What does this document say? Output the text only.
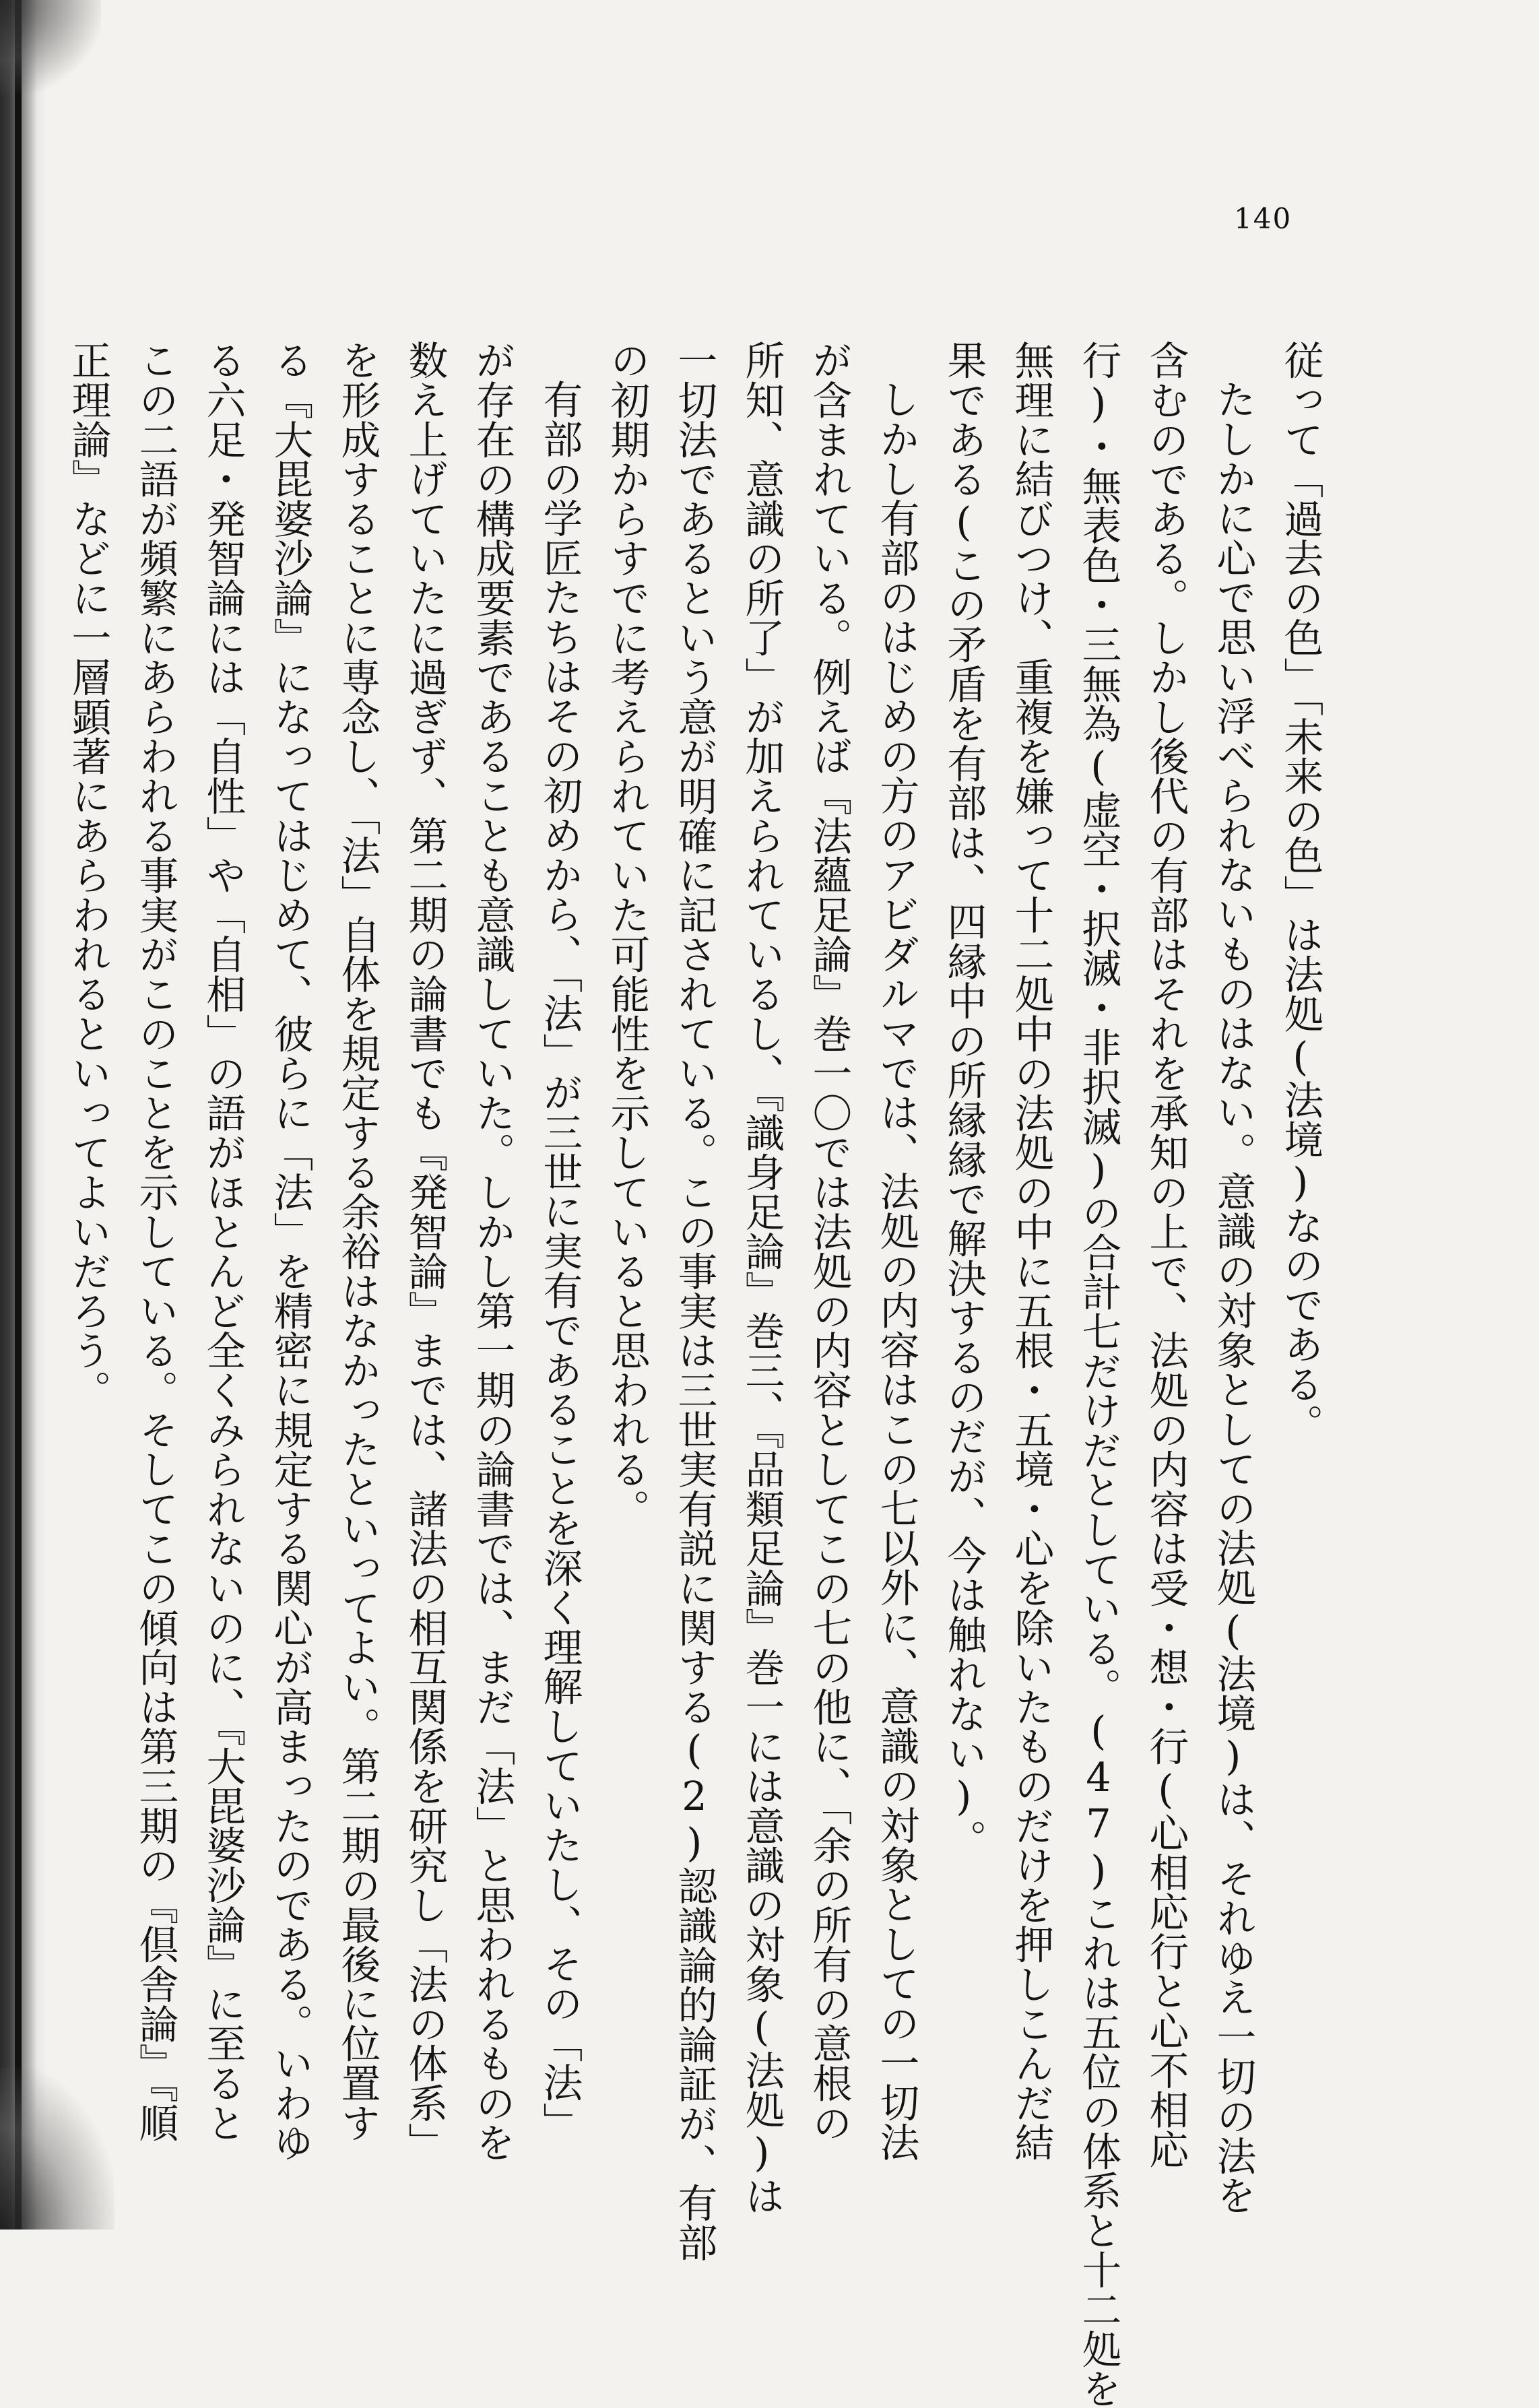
140
従って「過去の色」「未来の色」は法処(法境)なのである。
たしかに心で思い浮べられないものはない。意識の対象としての法処(法境)は、それゆえ一切の法を
含むのである。しかし後代の有部はそれを承知の上で、法処の内容は受・想・行(心相応行と心不相応
行)・無表色・三無為(虚空・択滅・非択滅)の合計七だけだとしている。(47)これは五位の体系と十二処を
無理に結びつけ、重複を嫌って十二処中の法処の中に五根・五境・心を除いたものだけを押しこんだ結
果である(この矛盾を有部は、四縁中の所縁縁で解決するのだが、今は触れない)。
しかし有部のはじめの方のアビダルマでは、法処の内容はこの七以外に、意識の対象としての一切法
が含まれている。例えば『法蘊足論』巻一〇では法処の内容としてこの七の他に、「余の所有の意根の
所知、意識の所了」が加えられているし、『識身足論』巻三、『品類足論』巻一には意識の対象(法処)は
一切法であるという意が明確に記されている。この事実は三世実有説に関する(2)認識論的論証が、有部
の初期からすでに考えられていた可能性を示していると思われる。
有部の学匠たちはその初めから、「法」が三世に実有であることを深く理解していたし、その「法」
が存在の構成要素であることも意識していた。しかし第一期の論書では、まだ「法」と思われるものを
数え上げていたに過ぎず、第二期の論書でも『発智論』までは、諸法の相互関係を研究し「法の体系」
を形成することに専念し、「法」自体を規定する余裕はなかったといってよい。第二期の最後に位置す
る『大毘婆沙論』になってはじめて、彼らに「法」を精密に規定する関心が高まったのである。いわゆ
る六足・発智論には「自性」や「自相」の語がほとんど全くみられないのに、『大毘婆沙論』に至ると
この二語が頻繁にあらわれる事実がこのことを示している。そしてこの傾向は第三期の『倶舎論』『順
正理論』などに一層顕著にあらわれるといってよいだろう。
